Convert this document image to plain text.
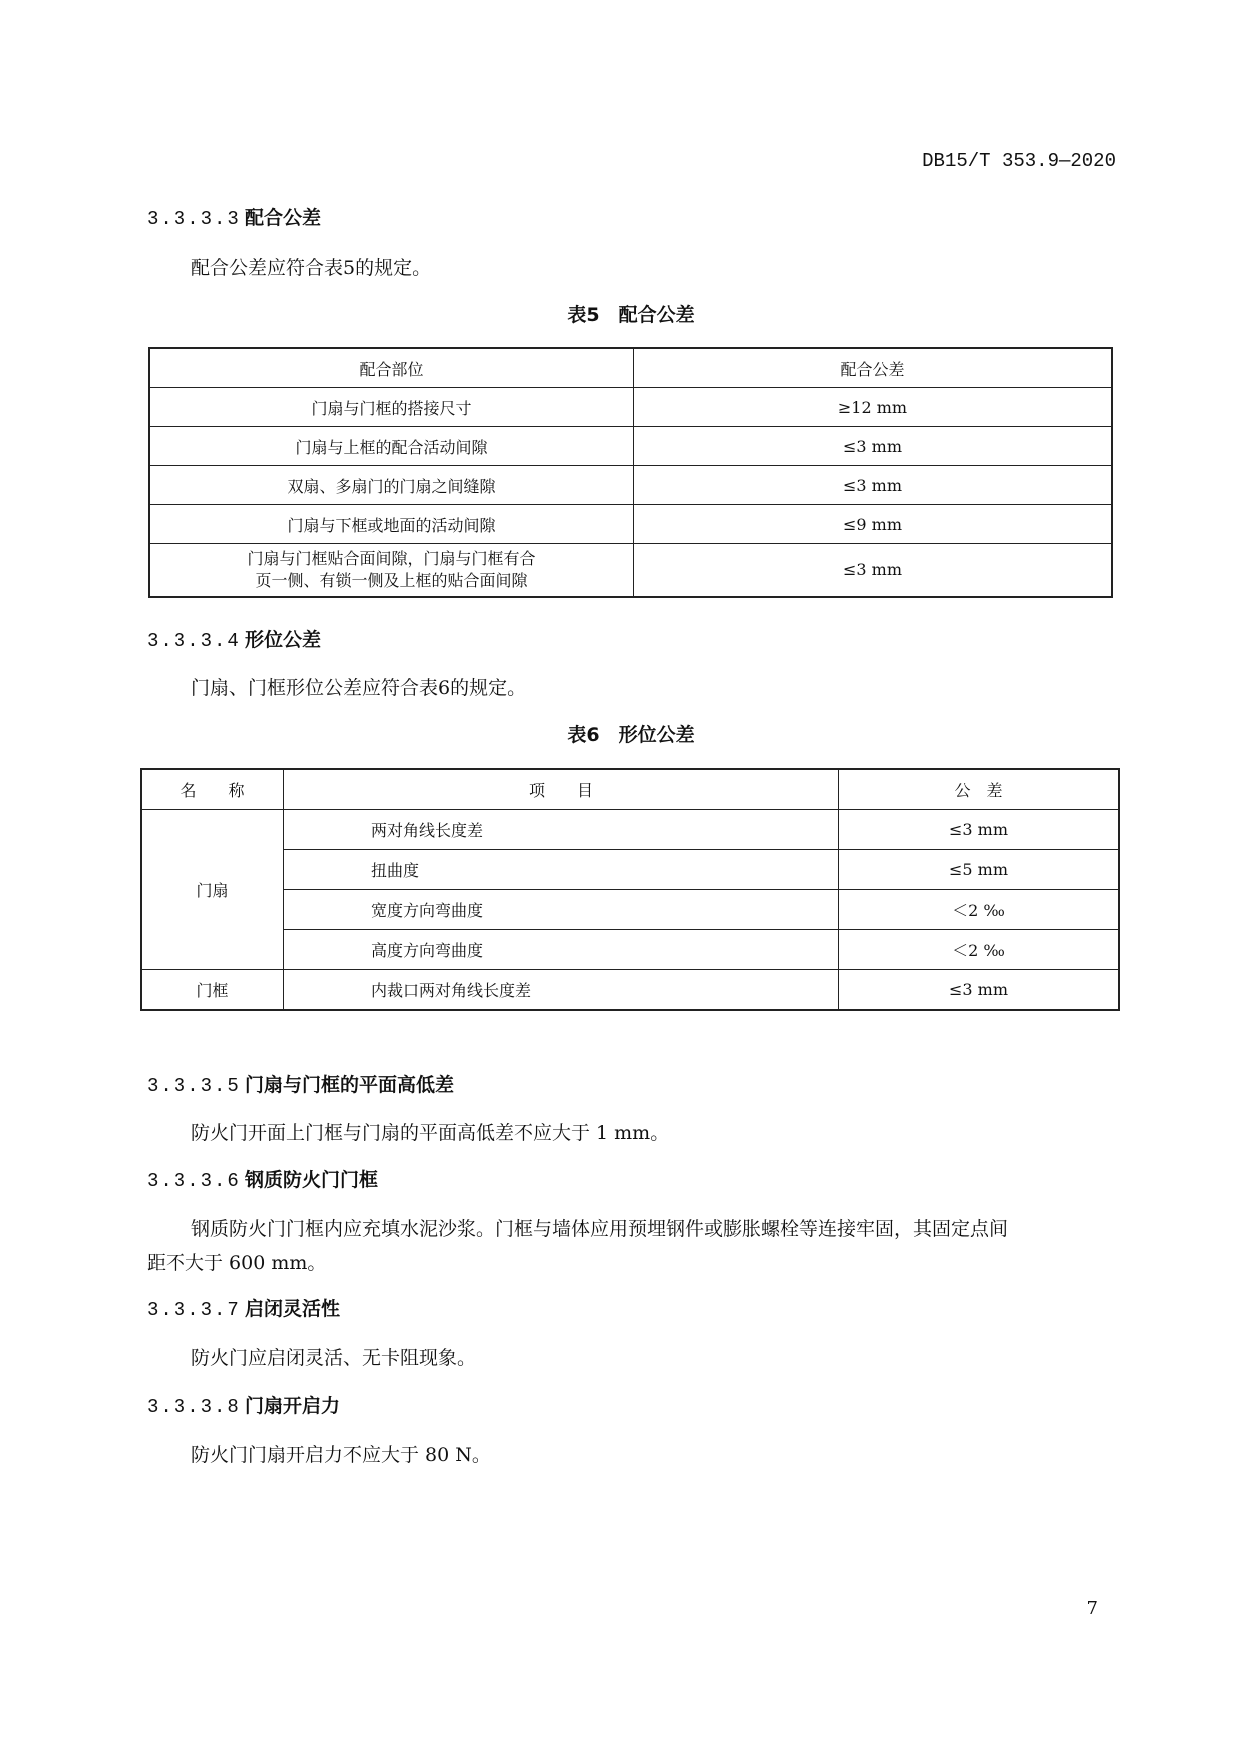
DB15/T 353.9—2020
3.3.3.3 配合公差
配合公差应符合表5的规定。
表5　配合公差
配合部位	配合公差
门扇与门框的搭接尺寸	≥12 mm
门扇与上框的配合活动间隙	≤3 mm
双扇、多扇门的门扇之间缝隙	≤3 mm
门扇与下框或地面的活动间隙	≤9 mm

门扇与门框贴合面间隙，门扇与门框有合
页一侧、有锁一侧及上框的贴合面间隙	≤3 mm
3.3.3.4 形位公差
门扇、门框形位公差应符合表6的规定。
表6　形位公差
名　　称	项　　目	公　差
门扇	两对角线长度差	≤3 mm
	扭曲度	≤5 mm
	宽度方向弯曲度	＜2 ‰
	高度方向弯曲度	＜2 ‰
门框	内裁口两对角线长度差	≤3 mm
3.3.3.5 门扇与门框的平面高低差
防火门开面上门框与门扇的平面高低差不应大于 1 mm。
3.3.3.6 钢质防火门门框
钢质防火门门框内应充填水泥沙浆。门框与墙体应用预埋钢件或膨胀螺栓等连接牢固，其固定点间
距不大于 600 mm。
3.3.3.7 启闭灵活性
防火门应启闭灵活、无卡阻现象。
3.3.3.8 门扇开启力
防火门门扇开启力不应大于 80 N。
7
